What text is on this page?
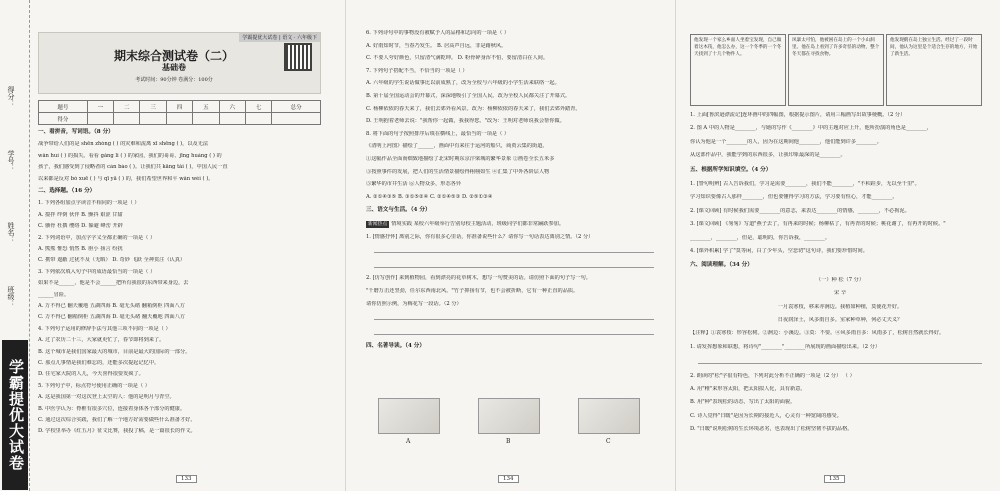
得分：
学号：
姓名：
班级：
学霸提优大试卷
学霸提优大试卷 | 语文 · 六年级下
期末综合测试卷（二）
基础卷
考试时间：90分钟 卷满分：100分
题号	一	二	三	四	五	六	七	总分
得分								
一、看拼音，写词语。（8 分）
战争带给人们的是 shēn zhòng ( ) 的灾难和流离 xī shēng ( )，以及无法
wǎn huí ( ) 的损失。看看 gǎng lǐ ( ) 的家园，我们的哥哥、jīng huáng ( ) 的
孩子，我们感受到了侵略者的 cán bào ( )。让我们共 kāng tǎi ( )，中国人民一直
以来都是反对 bó xuē ( ) 与 qī yā ( ) 的，我们希望世界和平 wǎn wéi ( )。
二、选择题。（16 分）
1. 下列各组加点字读音不相同的一项是（ ）
A. 搅拌 绊倒 伙伴 B. 颤抖 艰涩 甘甜
C. 骸骨 杜撰 缨络 D. 躲避 峰峦 开辟
2. 下列词语中，加点字字义全都正确的一项是（ ）
A. 熊熊 惟恐 悄然 B. 胆小 扬言 纷扰
C. 携带 遮蔽 过犹不及（无暇） D. 奇妙 飞跃 全神贯注（认真）
3. 下列依次填入句子中的成语最恰当的一项是（ ）
如果不是______，他是不会______把所有我很的东西带来身边，去
______冒险。
A. 万不得已 翻天覆地 五湖四海 B. 毫无头绪 翻箱倒柜 四面八方
C. 万不得已 翻箱倒柜 五湖四海 D. 毫无头绪 翻天覆地 四面八方
4. 下列句子运用的修辞手法与其他三项不同的一项是（ ）
A. 过了农历二十三，大家就更忙了，春节即将到来了。
B. 这个城市是我们国家最大的城市，目前是最大的国际的一部分。
C. 那点儿事情是我们难忘的，还能多次提起记忆中。
D. 住宅家大院的人儿，今天喜得很要发疯了。
5. 下列句子中，标点符号使用正确的一项是（ ）
A. 这是我国第一对这次登上太空的人：他的是明月与青空。
B. 中医学认为：脊椎有很多穴位，连接着身体各个部分的健康。
C. 通过这次综合实践，我们了解一个地方好需要做些什么准备才好。
D. 学校里举办《红五月》征文比赛，我投了稿，是一篇很长的作文。
133
6. 下列诗句中的事物没有被赋予人的品格和志向的一项是（ ）
A. 好雨知时节，当春乃发生。 B. 居高声自远，非是藉秋风。
C. 不要人夸好颜色，只留清气满乾坤。 D. 粉骨碎身浑不怕，要留清白在人间。
7. 下列句子搭配不当，不恰当的一项是（ ）
A. 六年级的学生说话做事比以前成熟了，改为全校与六年级的小学生活来联络一起。
B. 第十届全国运动会的开幕式，深深地吸引了全国人民。改为全校人民都关注了开幕式。
C. 杨柳依依的春天来了，我们去郊外看风景。改为：杨柳依依的春天来了，我们去郊外踏青。
D. 王明抱着老师去说："我帮你一起做，我我得您。"改为：王明对老师说我会帮你做。
8. 将下面的句子按照排序后填在横线上，最恰当的一项是（ ）
《清明上河图》描绘了______，画面中有来往于运河的船只，商贾云集的街道。
①这幅作品全面而细致地描绘了北宋时期东京汴梁城的繁华景象 ②画卷全长五米多
③按照事件的发展，把人们的生活情景描绘得栩栩如生 ④汇集了中外各阶层人物
⑤繁华的市井生活 ⑥人物众多，形态各异
A. ②①④③⑤ B. ③①⑤②④ C. ②①④⑤③ D. ②⑤①③④
三、语文与生活。（4 分）
新闻热点 情境实践 某校六年级举行告别母校主题活动，班级同学们都非常踊跃参加。
1. [情感抒怀] 离别之际，你有很多心里话，你准备说些什么？请你写一句话表达离别之情。（2 分）
2. [仿写创作] 来到植物园，看到漂亮的花草树木，想写一句赞美的话。请仿照下面的句子写一句。
"千磨万击还坚劲，任尔东西南北风。"竹子抑扬有节，也不会被折断，它有一种正直的品质。
请你仿照示例，为梅花写一段话。（2 分）
四、名著导读。（4 分）
A	B	C
134
他发现一个家么乡面人坐着宝发现，自己做着这木筏，他怎么办，这一个冬季的一个冬天找到了十几个物件人。
风暴太可怕，他被困在岛上的一个小山洞里。他在岛上看到了许多奇怪的动物，整个冬天都在寻找食物。
他发现鹤在岛上独立生活。经过了一段时间，他认为这里是个适合生存的地方，开始了新生活。
1. 上面[鲁滨逊漂流记]连环画中的四幅图，根据提示图片，请用三幅画写出故事梗概。（2 分）
2. 图 A 中的人物是________，与她的写作《________》中的主题对应上升，他所扮演的角色是________，
你认为他是一个________的人，因为在这期间他________，他们能到许多________。
从这部作品中，我能学到的东西很多，让我印象最深的是________。
五、根据所学知识填空。（4 分）
1. [警句明辨] 古人告诉我们，学习是需要________，我们不能________，"不积跬步，无以至千里"。
学习知识要像古人那样________，但也要懂得学习的方法，学习要有恒心，才能________。
2. [课文回顾] 有时候我们需要________的意志，来表达________的情感，________，不必拘泥。
3. [课文回顾] 《匆匆》写道"燕子去了，有再来的时候；杨柳枯了，有再青的时候；桃花谢了，有再开的时候。"
________，________，但是，聪明的，你告诉我，________。
4. [课外积累] 学了"莫等闲，白了少年头，空悲切"这句诗，我们要珍惜时间。
六、阅读理解。（34 分）
（一）种 松（7 分）
宋 辛
一月袁寒枝，移来亦涧边。我植如种植，莫使花开好。
日夜润泽土，风多雨自多。室家种草种，何必丈夫义？
【注释】①袁寒枝：形容松树。②涧边：小溪边。③莫：不要。④风多雨自多：风雨多了，松树自然就长得好。
1. 请发挥想象和联想，将诗句"________"________所展现的画面描绘出来。（2 分）
2. 朗读的"松"字很有特色，下列对此分析不正确的一项是（2 分） （ ）
A. 用"稚"来形容太阳，把太阳拟人化，具有新意。
B. 用"种"表现松的动态，写出了太阳的面貌。
C. 诗人觉得"日暖"是因为长期的接近人，心灵有一种宽阔的感受。
D. "日暖"说明松树的生长环境恶劣，也表现出了松树坚韧不拔的品格。
135
